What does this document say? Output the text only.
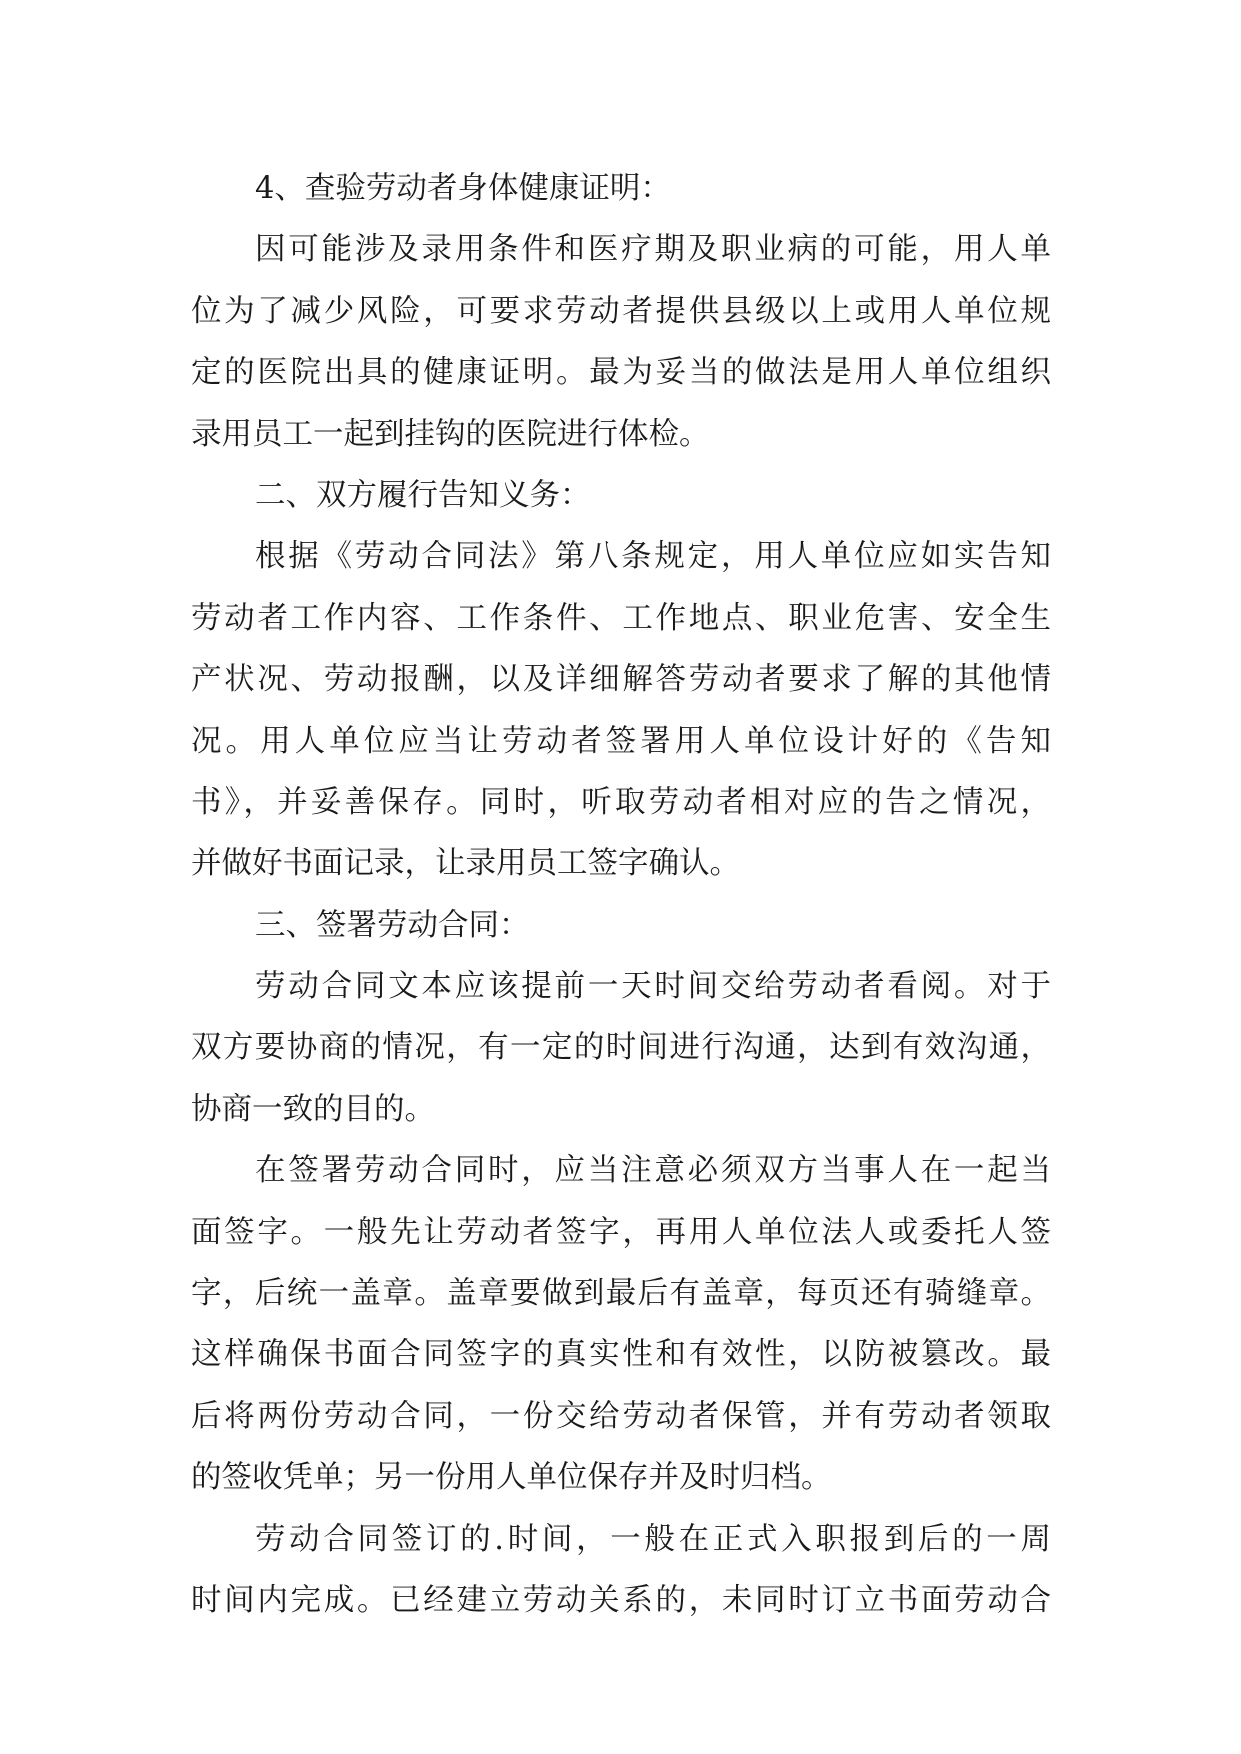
4、查验劳动者身体健康证明：
因可能涉及录用条件和医疗期及职业病的可能，用人单
位为了减少风险，可要求劳动者提供县级以上或用人单位规
定的医院出具的健康证明。最为妥当的做法是用人单位组织
录用员工一起到挂钩的医院进行体检。
二、双方履行告知义务：
根据《劳动合同法》第八条规定，用人单位应如实告知
劳动者工作内容、工作条件、工作地点、职业危害、安全生
产状况、劳动报酬，以及详细解答劳动者要求了解的其他情
况。用人单位应当让劳动者签署用人单位设计好的《告知
书》，并妥善保存。同时，听取劳动者相对应的告之情况，
并做好书面记录，让录用员工签字确认。
三、签署劳动合同：
劳动合同文本应该提前一天时间交给劳动者看阅。对于
双方要协商的情况，有一定的时间进行沟通，达到有效沟通，
协商一致的目的。
在签署劳动合同时，应当注意必须双方当事人在一起当
面签字。一般先让劳动者签字，再用人单位法人或委托人签
字，后统一盖章。盖章要做到最后有盖章，每页还有骑缝章。
这样确保书面合同签字的真实性和有效性，以防被篡改。最
后将两份劳动合同，一份交给劳动者保管，并有劳动者领取
的签收凭单；另一份用人单位保存并及时归档。
劳动合同签订的.时间，一般在正式入职报到后的一周
时间内完成。已经建立劳动关系的，未同时订立书面劳动合
